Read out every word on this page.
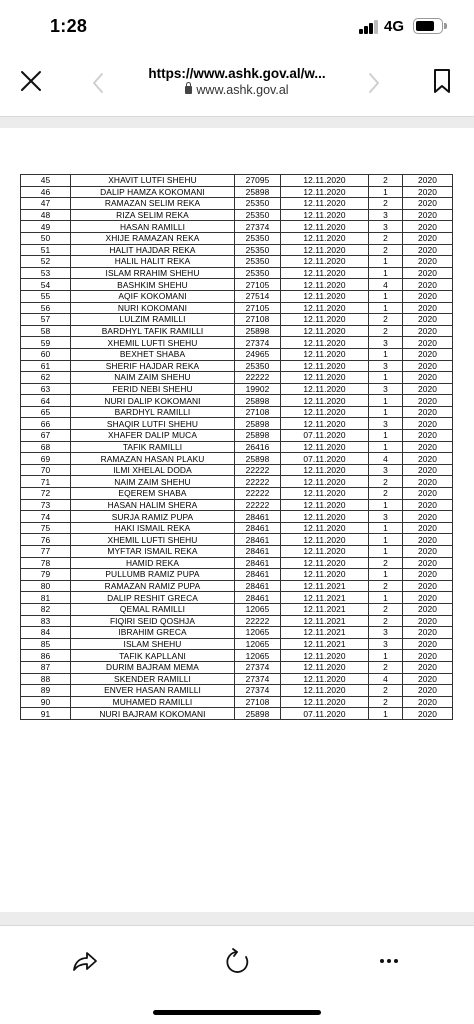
1:28	4G
https://www.ashk.gov.al/w...
www.ashk.gov.al
45	XHAVIT LUTFI SHEHU	27095	12.11.2020	2	2020
46	DALIP HAMZA KOKOMANI	25898	12.11.2020	1	2020
47	RAMAZAN SELIM REKA	25350	12.11.2020	2	2020
48	RIZA SELIM REKA	25350	12.11.2020	3	2020
49	HASAN RAMILLI	27374	12.11.2020	3	2020
50	XHIJE RAMAZAN REKA	25350	12.11.2020	2	2020
51	HALIT HAJDAR REKA	25350	12.11.2020	2	2020
52	HALIL HALIT REKA	25350	12.11.2020	1	2020
53	ISLAM RRAHIM SHEHU	25350	12.11.2020	1	2020
54	BASHKIM SHEHU	27105	12.11.2020	4	2020
55	AQIF KOKOMANI	27514	12.11.2020	1	2020
56	NURI KOKOMANI	27105	12.11.2020	1	2020
57	LULZIM RAMILLI	27108	12.11.2020	2	2020
58	BARDHYL TAFIK RAMILLI	25898	12.11.2020	2	2020
59	XHEMIL LUFTI SHEHU	27374	12.11.2020	3	2020
60	BEXHET SHABA	24965	12.11.2020	1	2020
61	SHERIF HAJDAR REKA	25350	12.11.2020	3	2020
62	NAIM ZAIM SHEHU	22222	12.11.2020	1	2020
63	FERID NEBI SHEHU	19902	12.11.2020	3	2020
64	NURI DALIP KOKOMANI	25898	12.11.2020	1	2020
65	BARDHYL RAMILLI	27108	12.11.2020	1	2020
66	SHAQIR LUTFI SHEHU	25898	12.11.2020	3	2020
67	XHAFER DALIP MUCA	25898	07.11.2020	1	2020
68	TAFIK RAMILLI	26416	12.11.2020	1	2020
69	RAMAZAN HASAN PLAKU	25898	07.11.2020	4	2020
70	ILMI XHELAL DODA	22222	12.11.2020	3	2020
71	NAIM ZAIM SHEHU	22222	12.11.2020	2	2020
72	EQEREM SHABA	22222	12.11.2020	2	2020
73	HASAN HALIM SHERA	22222	12.11.2020	1	2020
74	SURJA RAMIZ PUPA	28461	12.11.2020	3	2020
75	HAKI ISMAIL REKA	28461	12.11.2020	1	2020
76	XHEMIL LUFTI SHEHU	28461	12.11.2020	1	2020
77	MYFTAR ISMAIL REKA	28461	12.11.2020	1	2020
78	HAMID REKA	28461	12.11.2020	2	2020
79	PULLUMB RAMIZ PUPA	28461	12.11.2020	1	2020
80	RAMAZAN RAMIZ PUPA	28461	12.11.2021	2	2020
81	DALIP RESHIT GRECA	28461	12.11.2021	1	2020
82	QEMAL RAMILLI	12065	12.11.2021	2	2020
83	FIQIRI SEID QOSHJA	22222	12.11.2021	2	2020
84	IBRAHIM GRECA	12065	12.11.2021	3	2020
85	ISLAM SHEHU	12065	12.11.2021	3	2020
86	TAFIK KAPLLANI	12065	12.11.2020	1	2020
87	DURIM BAJRAM MEMA	27374	12.11.2020	2	2020
88	SKENDER RAMILLI	27374	12.11.2020	4	2020
89	ENVER HASAN RAMILLI	27374	12.11.2020	2	2020
90	MUHAMED RAMILLI	27108	12.11.2020	2	2020
91	NURI BAJRAM KOKOMANI	25898	07.11.2020	1	2020
